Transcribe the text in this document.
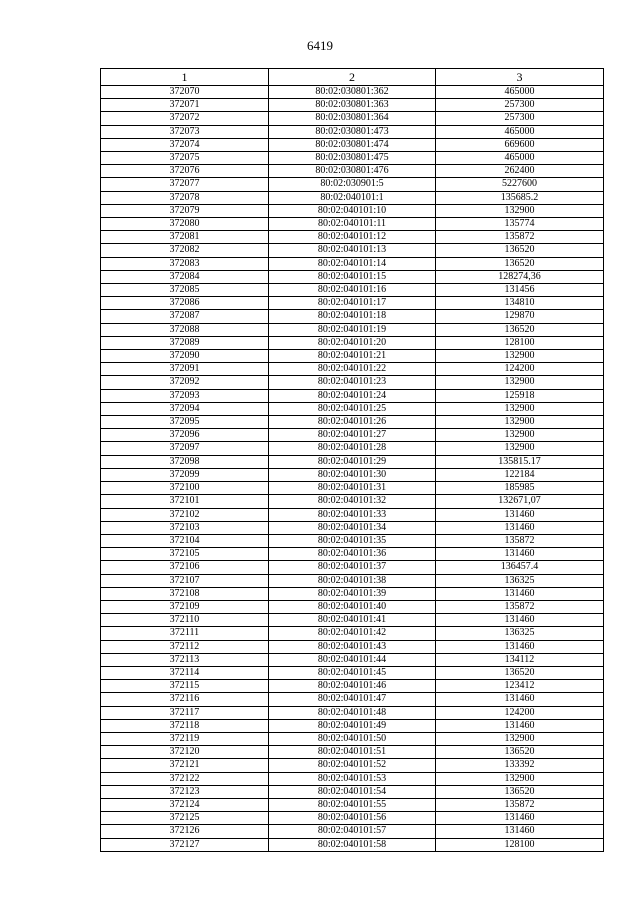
6419
1	2	3
372070	80:02:030801:362	465000
372071	80:02:030801:363	257300
372072	80:02:030801:364	257300
372073	80:02:030801:473	465000
372074	80:02:030801:474	669600
372075	80:02:030801:475	465000
372076	80:02:030801:476	262400
372077	80:02:030901:5	5227600
372078	80:02:040101:1	135685.2
372079	80:02:040101:10	132900
372080	80:02:040101:11	135774
372081	80:02:040101:12	135872
372082	80:02:040101:13	136520
372083	80:02:040101:14	136520
372084	80:02:040101:15	128274,36
372085	80:02:040101:16	131456
372086	80:02:040101:17	134810
372087	80:02:040101:18	129870
372088	80:02:040101:19	136520
372089	80:02:040101:20	128100
372090	80:02:040101:21	132900
372091	80:02:040101:22	124200
372092	80:02:040101:23	132900
372093	80:02:040101:24	125918
372094	80:02:040101:25	132900
372095	80:02:040101:26	132900
372096	80:02:040101:27	132900
372097	80:02:040101:28	132900
372098	80:02:040101:29	135815.17
372099	80:02:040101:30	122184
372100	80:02:040101:31	185985
372101	80:02:040101:32	132671,07
372102	80:02:040101:33	131460
372103	80:02:040101:34	131460
372104	80:02:040101:35	135872
372105	80:02:040101:36	131460
372106	80:02:040101:37	136457.4
372107	80:02:040101:38	136325
372108	80:02:040101:39	131460
372109	80:02:040101:40	135872
372110	80:02:040101:41	131460
372111	80:02:040101:42	136325
372112	80:02:040101:43	131460
372113	80:02:040101:44	134112
372114	80:02:040101:45	136520
372115	80:02:040101:46	123412
372116	80:02:040101:47	131460
372117	80:02:040101:48	124200
372118	80:02:040101:49	131460
372119	80:02:040101:50	132900
372120	80:02:040101:51	136520
372121	80:02:040101:52	133392
372122	80:02:040101:53	132900
372123	80:02:040101:54	136520
372124	80:02:040101:55	135872
372125	80:02:040101:56	131460
372126	80:02:040101:57	131460
372127	80:02:040101:58	128100
